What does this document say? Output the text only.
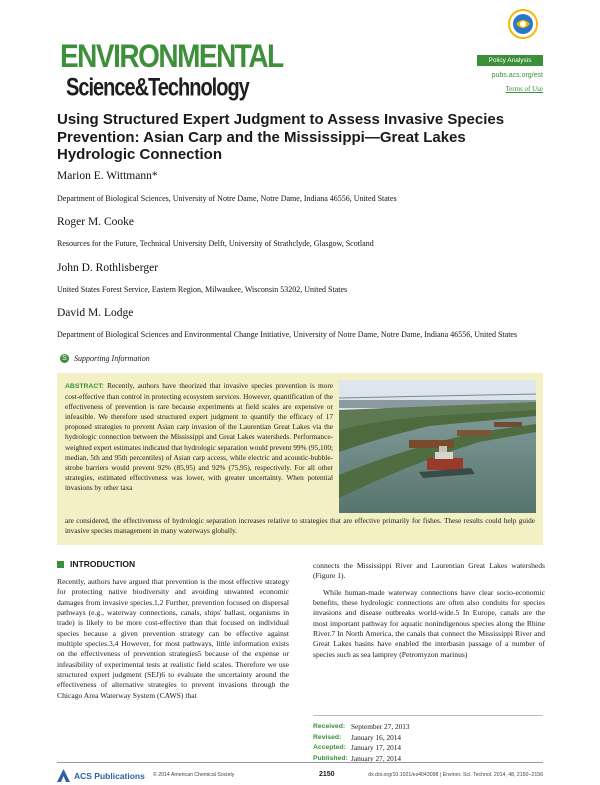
ENVIRONMENTAL
Science&Technology
Policy Analysis
pubs.acs.org/est
Terms of Use
Using Structured Expert Judgment to Assess Invasive Species Prevention: Asian Carp and the Mississippi—Great Lakes Hydrologic Connection
Marion E. Wittmann*
Department of Biological Sciences, University of Notre Dame, Notre Dame, Indiana 46556, United States
Roger M. Cooke
Resources for the Future, Technical University Delft, University of Strathclyde, Glasgow, Scotland
John D. Rothlisberger
United States Forest Service, Eastern Region, Milwaukee, Wisconsin 53202, United States
David M. Lodge
Department of Biological Sciences and Environmental Change Initiative, University of Notre Dame, Notre Dame, Indiana 46556, United States
S Supporting Information
ABSTRACT: Recently, authors have theorized that invasive species prevention is more cost-effective than control in protecting ecosystem services. However, quantification of the effectiveness of prevention is rare because experiments at field scales are expensive or infeasible. We therefore used structured expert judgment to quantify the efficacy of 17 proposed strategies to prevent Asian carp invasion of the Laurentian Great Lakes via the hydrologic connection between the Mississippi and Great Lakes watersheds. Performance-weighted expert estimates indicated that hydrologic separation would prevent 99% (95,100; median, 5th and 95th percentiles) of Asian carp access, while electric and acoustic-bubble-strobe barriers would prevent 92% (85,95) and 92% (75,95), respectively. For all other strategies, estimated effectiveness was lower, with greater uncertainty. When potential invasions by other taxa
are considered, the effectiveness of hydrologic separation increases relative to strategies that are effective primarily for fishes. These results could help guide invasive species management in many waterways globally.
INTRODUCTION

Recently, authors have argued that prevention is the most effective strategy for protecting native biodiversity and avoiding unwanted economic damages from invasive species.1,2 Further, prevention focused on dispersal pathways (e.g., waterway connections, canals, ships' ballast, organisms in trade) is likely to be more cost-effective than that focused on individual species because a given prevention strategy can be effective against multiple species.3,4 However, for most pathways, little information exists on the effectiveness of prevention strategies5 because of the expense or infeasibility of experimental tests at realistic field scales. Therefore we use structured expert judgment (SEJ)6 to evaluate the uncertainty around the effectiveness of alternative strategies to prevent invasions through the Chicago Area Waterway System (CAWS) that

connects the Mississippi River and Laurentian Great Lakes watersheds (Figure 1).

While human-made waterway connections have clear socio-economic benefits, these hydrologic connections are often also conduits for species invasions and disease outbreaks world-wide.5 In Europe, canals are the most important pathway for aquatic nonindigenous species along the Rhine River.7 In North America, the canals that connect the Mississippi River and Great Lakes basins have enabled the interbasin passage of a number of species such as sea lamprey (Petromyzon marinus)

Received: September 27, 2013
Revised:	January 16, 2014
Accepted: January 17, 2014
Published: January 27, 2014
ACS Publications © 2014 American Chemical Society	2150	dx.doi.org/10.1021/es4043098 | Environ. Sci. Technol. 2014, 48, 2150−2156
